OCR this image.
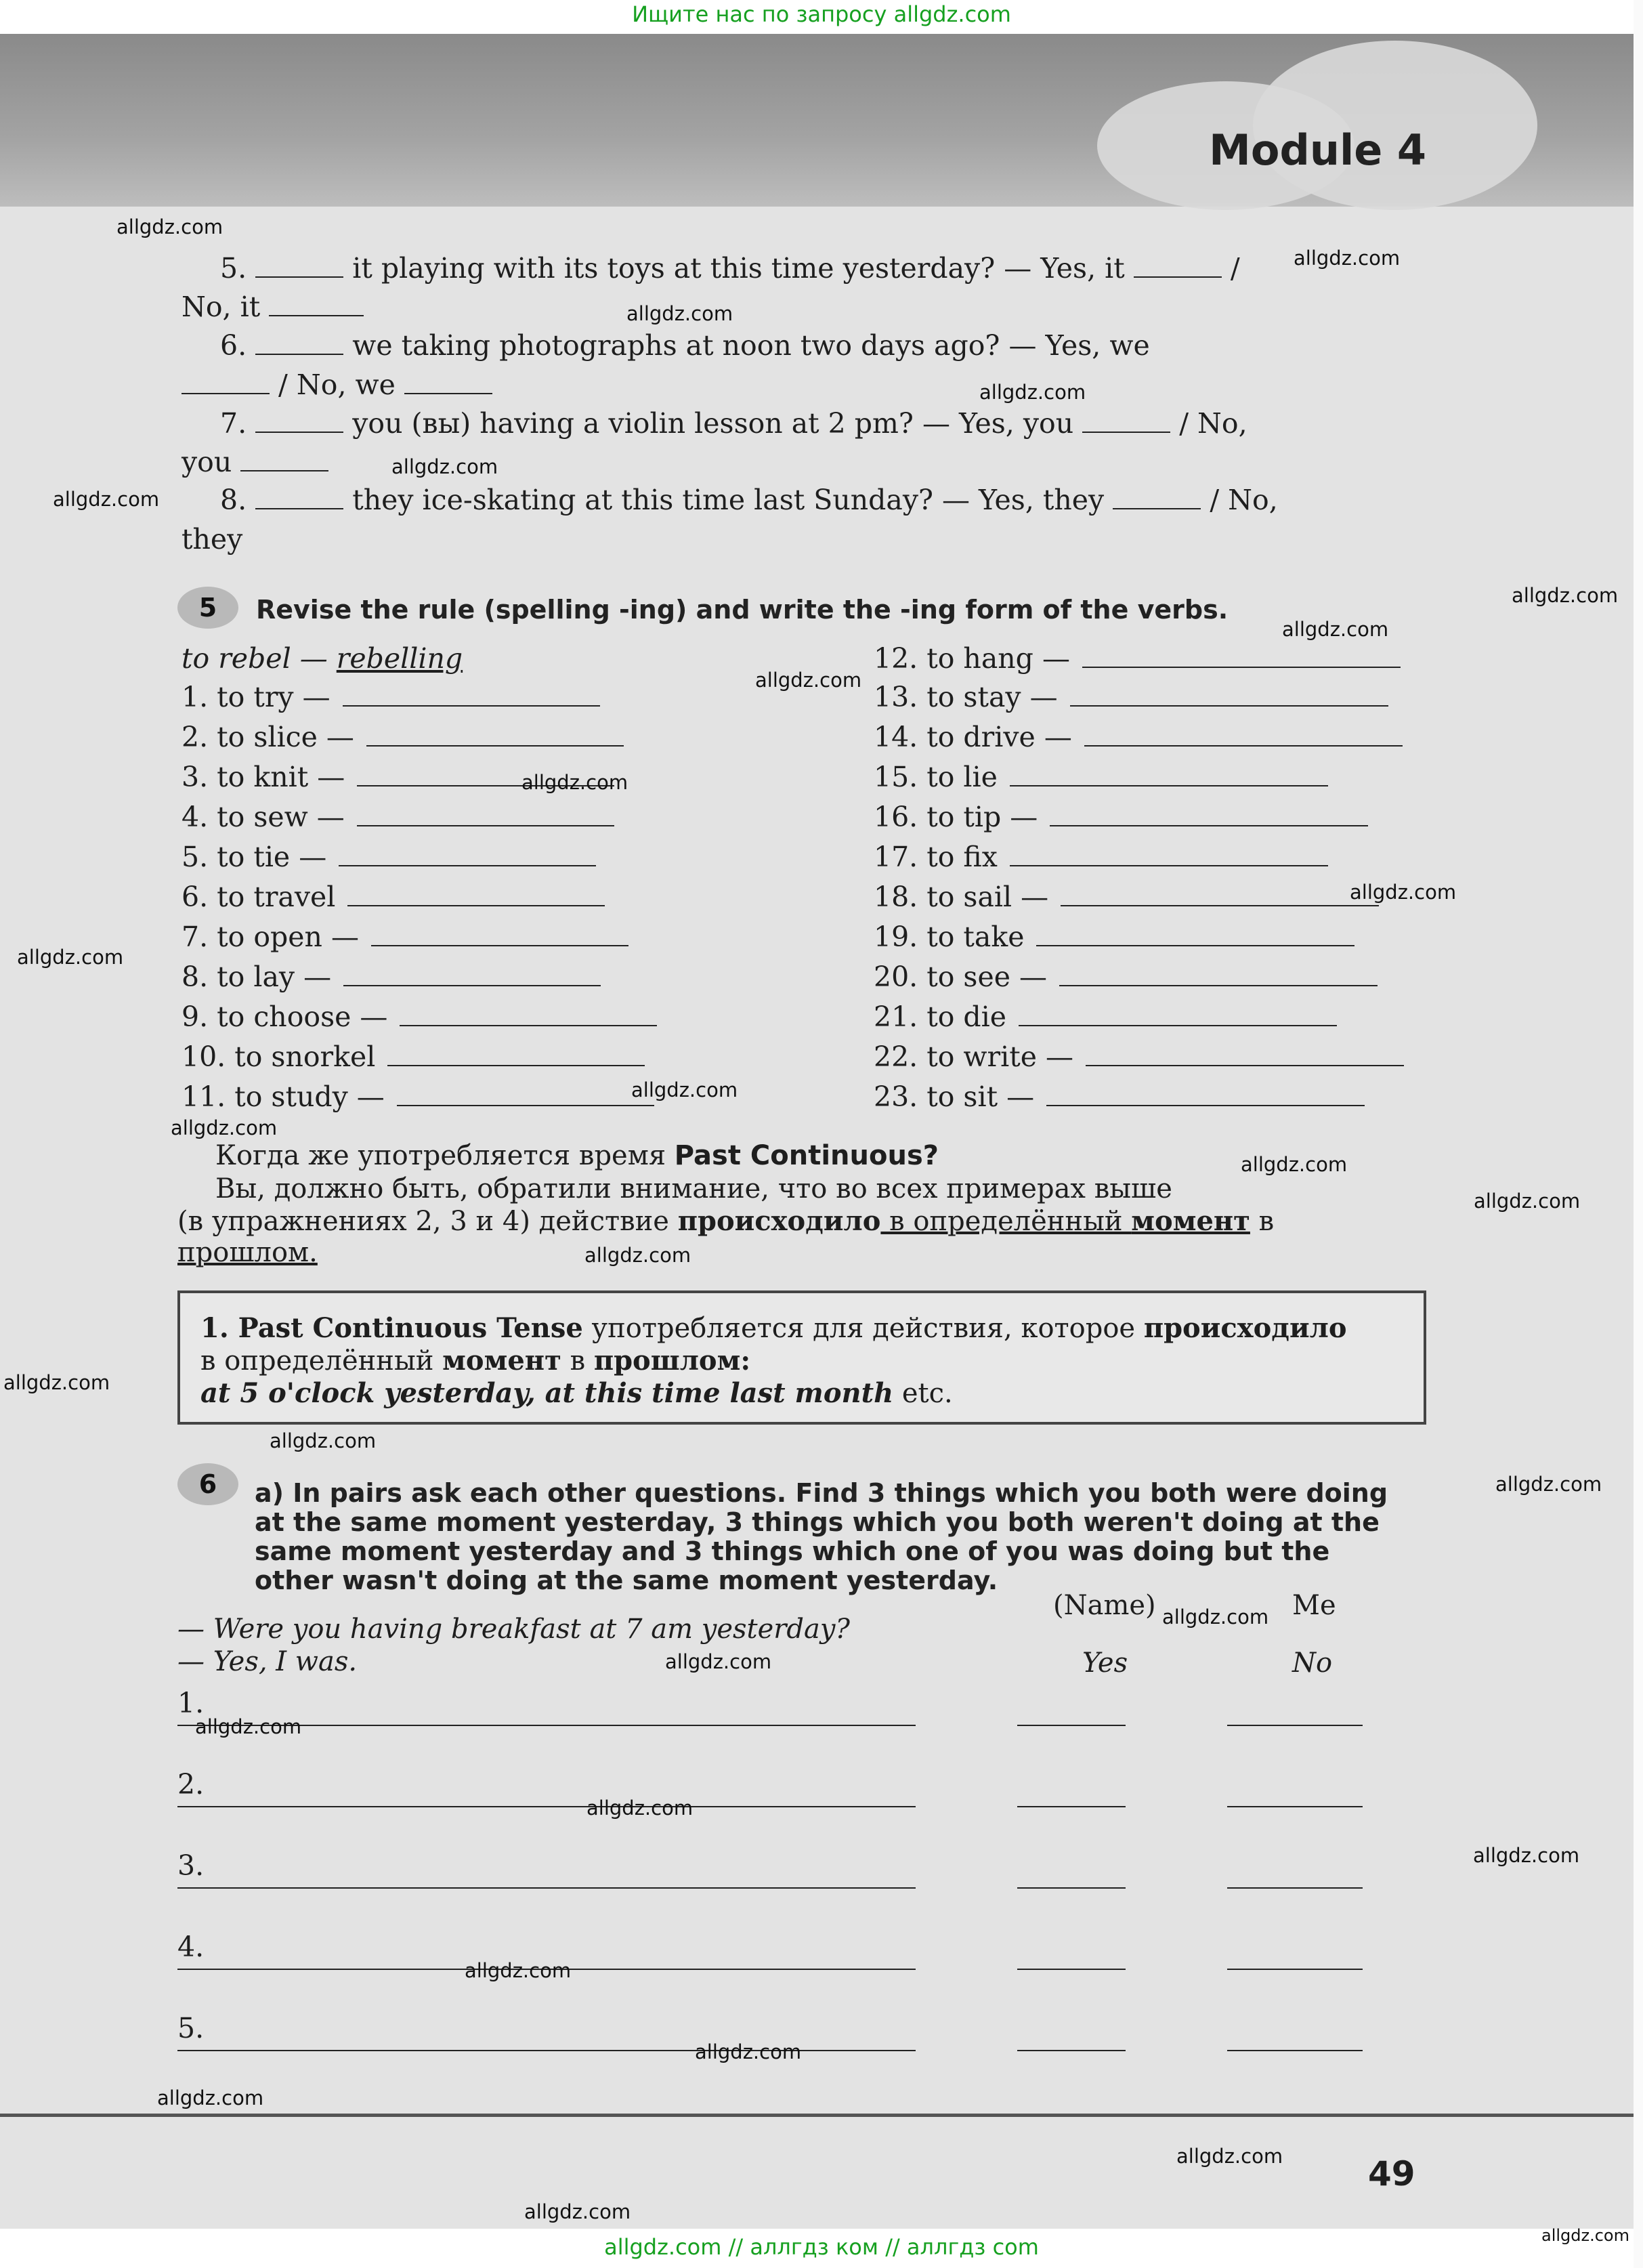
Module 4
Ищите нас по запросу allgdz.com
5.	it playing with its toys at this time yesterday? — Yes, it	/
No, it
6.	we taking photographs at noon two days ago? — Yes, we
/ No, we
7.	you (вы) having a violin lesson at 2 pm? — Yes, you	/ No,
you
8.	they ice-skating at this time last Sunday? — Yes, they	/ No,
they
5	Revise the rule (spelling -ing) and write the -ing form of the verbs.
to rebel — rebelling
1. to try —
2. to slice —
3. to knit —
4. to sew —
5. to tie —
6. to travel
7. to open —
8. to lay —
9. to choose —
10. to snorkel
11. to study —
12. to hang —
13. to stay —
14. to drive —
15. to lie
16. to tip —
17. to fix
18. to sail —
19. to take
20. to see —
21. to die
22. to write —
23. to sit —
Когда же употребляется время Past Continuous?
Вы, должно быть, обратили внимание, что во всех примерах выше
(в упражнениях 2, 3 и 4) действие происходило в определённый момент в
прошлом.
1. Past Continuous Tense употребляется для действия, которое происходило
в определённый момент в прошлом:
at 5 o'clock yesterday, at this time last month etc.
6	a) In pairs ask each other questions. Find 3 things which you both were doing
at the same moment yesterday, 3 things which you both weren't doing at the
same moment yesterday and 3 things which one of you was doing but the
other wasn't doing at the same moment yesterday.
(Name)	Me
— Were you having breakfast at 7 am yesterday?
— Yes, I was.	Yes	No
1.
2.
3.
4.
5.
49
allgdz.com
allgdz.com
allgdz.com
allgdz.com
allgdz.com
allgdz.com
allgdz.com
allgdz.com
allgdz.com
allgdz.com
allgdz.com
allgdz.com
allgdz.com
allgdz.com
allgdz.com
allgdz.com
allgdz.com
allgdz.com
allgdz.com
allgdz.com
allgdz.com
allgdz.com
allgdz.com
allgdz.com
allgdz.com
allgdz.com
allgdz.com
allgdz.com
allgdz.com
allgdz.com
allgdz.com
allgdz.com // аллгдз ком // аллгдз com
